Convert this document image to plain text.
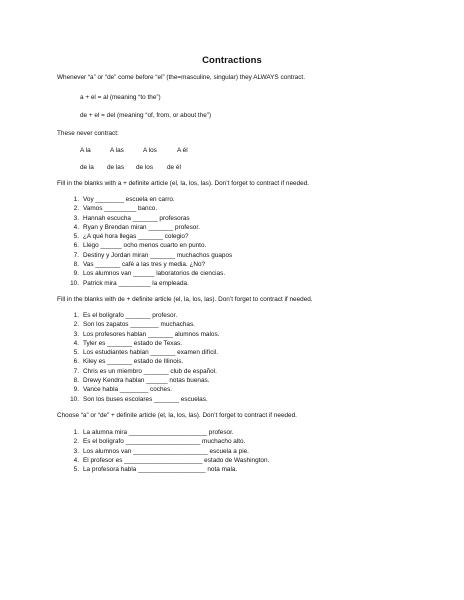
Contractions
Whenever “a” or “de” come before “el” (the=masculine, singular) they ALWAYS contract.
a + el = al (meaning “to the”)
de + el = del (meaning “of, from, or about the”)
These never contract:
A la	A las	A los	A él
de la de las de los de él
Fill in the blanks with a + definite article (el, la, los, las). Don’t forget to contract if needed.
1. Voy ________ escuela en carro.
2. Vamos _________ banco.
3. Hannah escucha _______ profesoras
4. Ryan y Brendan miran _______ profesor.
5. ¿A qué hora llegas _______ colegio?
6. Llego ______ ocho menos cuarto en punto.
7. Destiny y Jordan miran _______ muchachos guapos
8. Vas _______ café a las tres y media. ¿No?
9. Los alumnos van ______ laboratorios de ciencias.
10. Patrick mira _________ la empleada.
Fill in the blanks with de + definite article (el, la, los, las). Don’t forget to contract if needed.
1. Es el bolígrafo _______ profesor.
2. Son los zapatos ________ muchachas.
3. Los profesores hablan _______ alumnos malos.
4. Tyler es _______ estado de Texas.
5. Los estudiantes hablan _______ examen difícil.
6. Kiley es _______ estado de Illinois.
7. Chris es un miembro _______ club de español.
8. Drewy Kendra hablan ______ notas buenas.
9. Vance habla ________ coches.
10. Son los buses escolares _______ escuelas.
Choose “a” or “de” + definite article (el, la, los, las). Don’t forget to contract if needed.
1. La alumna mira ______________________ profesor.
2. Es el bolígrafo _____________________ muchacho alto.
3. Los alumnos van _____________________ escuela a pie.
4. El profesor es ______________________ estado de Washington.
5. La profesora habla ___________________ nota mala.
